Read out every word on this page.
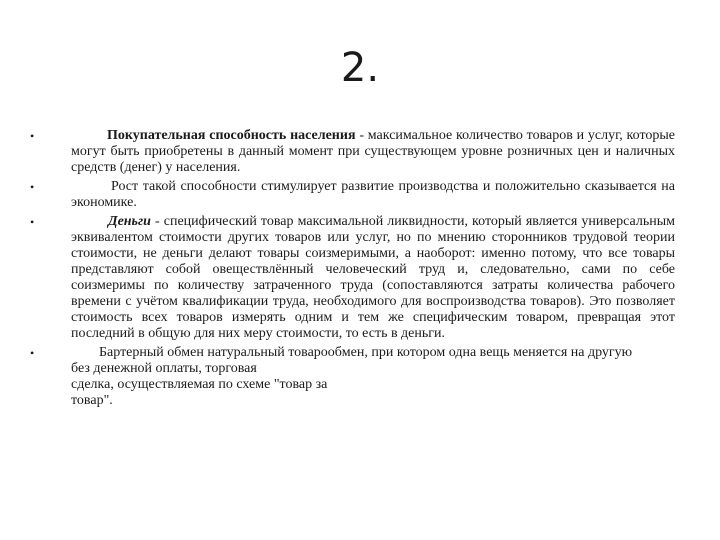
2.
•	Покупательная способность населения - максимальное количество товаров и услуг, которые могут быть приобретены в данный момент при существующем уровне розничных цен и наличных средств (денег) у населения.
•	Рост такой способности стимулирует развитие производства и положительно сказывается на экономике.
•	Деньги - специфический товар максимальной ликвидности, который является универсальным эквивалентом стоимости других товаров или услуг, но по мнению сторонников трудовой теории стоимости, не деньги делают товары соизмеримыми, а наоборот: именно потому, что все товары представляют собой овеществлённый человеческий труд и, следовательно, сами по себе соизмеримы по количеству затраченного труда (сопоставляются затраты количества рабочего времени с учётом квалификации труда, необходимого для воспроизводства товаров). Это позволяет стоимость всех товаров измерять одним и тем же специфическим товаром, превращая этот последний в общую для них меру стоимости, то есть в деньги.
•	Бартерный обмен натуральный товарообмен, при котором одна вещь меняется на другую без денежной оплаты, торговая
сделка, осуществляемая по схеме "товар за товар".
